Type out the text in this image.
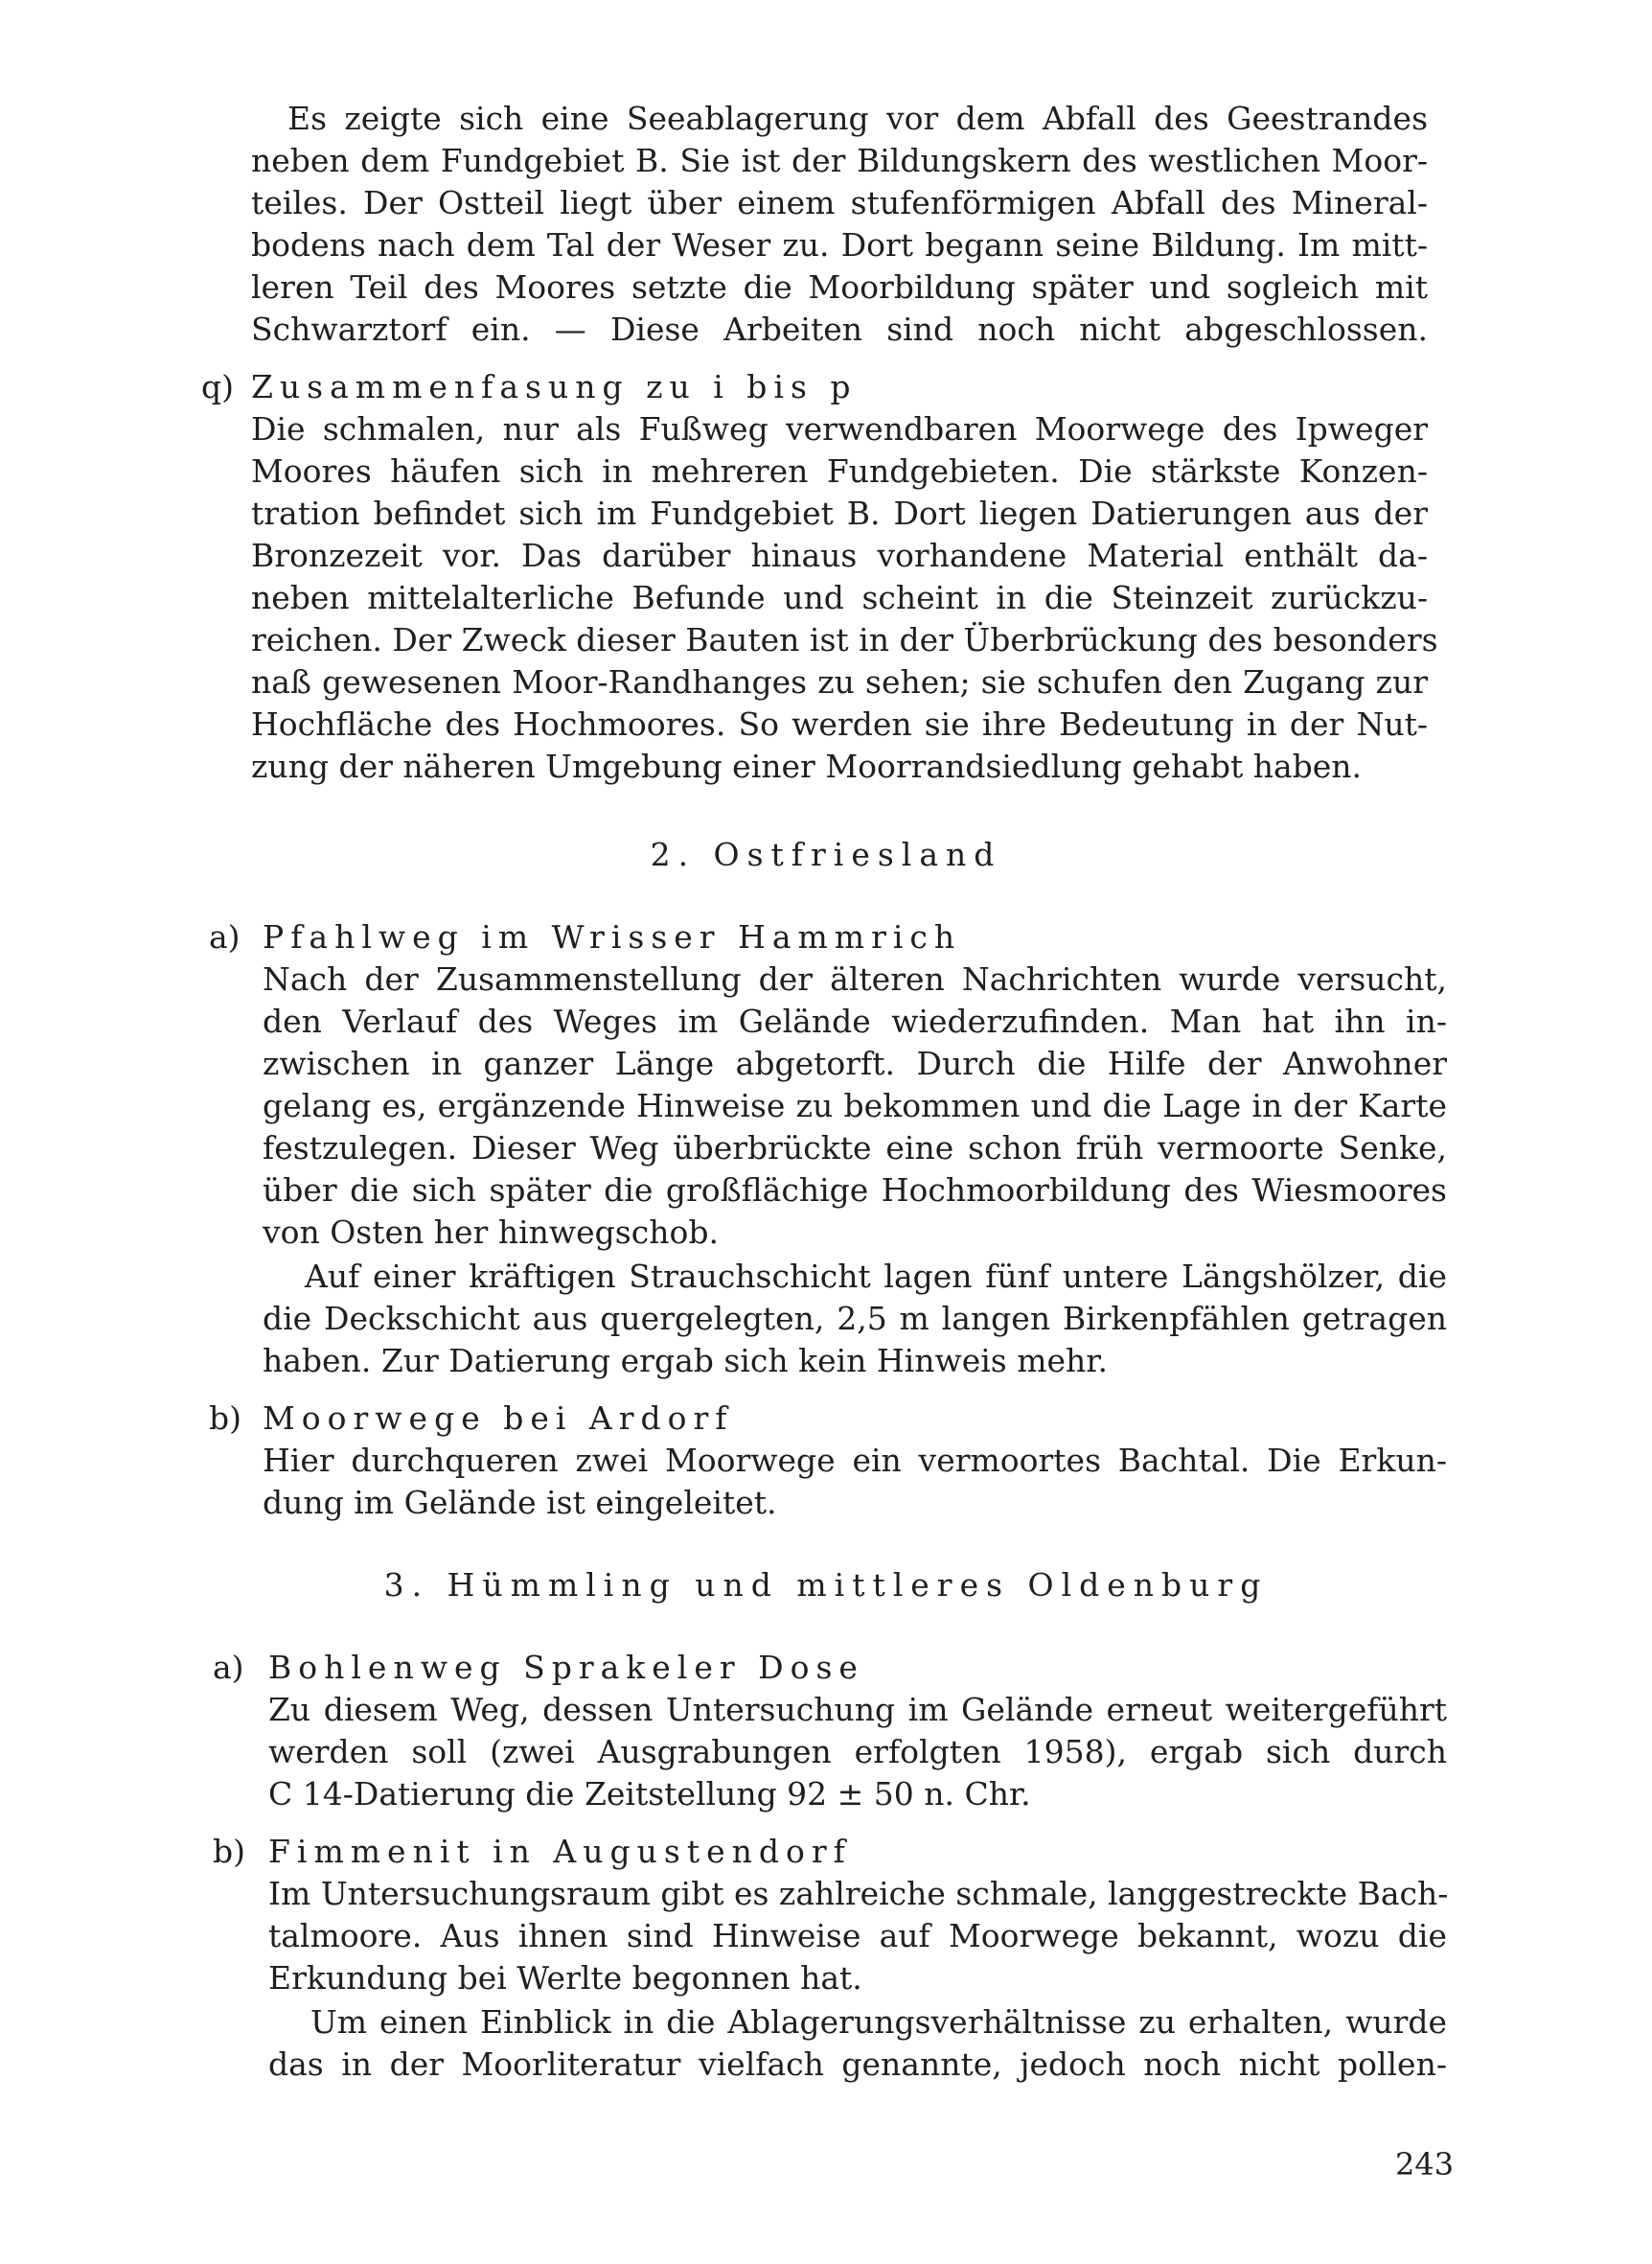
Es zeigte sich eine Seeablagerung vor dem Abfall des Geestrandes
neben dem Fundgebiet B. Sie ist der Bildungskern des westlichen Moor-
teiles. Der Ostteil liegt über einem stufenförmigen Abfall des Mineral-
bodens nach dem Tal der Weser zu. Dort begann seine Bildung. Im mitt-
leren Teil des Moores setzte die Moorbildung später und sogleich mit
Schwarztorf ein. — Diese Arbeiten sind noch nicht abgeschlossen.
q) Zusammenfasung zu i bis p
Die schmalen, nur als Fußweg verwendbaren Moorwege des Ipweger
Moores häufen sich in mehreren Fundgebieten. Die stärkste Konzen-
tration befindet sich im Fundgebiet B. Dort liegen Datierungen aus der
Bronzezeit vor. Das darüber hinaus vorhandene Material enthält da-
neben mittelalterliche Befunde und scheint in die Steinzeit zurückzu-
reichen. Der Zweck dieser Bauten ist in der Überbrückung des besonders
naß gewesenen Moor-Randhanges zu sehen; sie schufen den Zugang zur
Hochfläche des Hochmoores. So werden sie ihre Bedeutung in der Nut-
zung der näheren Umgebung einer Moorrandsiedlung gehabt haben.
2. Ostfriesland
a) Pfahlweg im Wrisser Hammrich
Nach der Zusammenstellung der älteren Nachrichten wurde versucht,
den Verlauf des Weges im Gelände wiederzufinden. Man hat ihn in-
zwischen in ganzer Länge abgetorft. Durch die Hilfe der Anwohner
gelang es, ergänzende Hinweise zu bekommen und die Lage in der Karte
festzulegen. Dieser Weg überbrückte eine schon früh vermoorte Senke,
über die sich später die großflächige Hochmoorbildung des Wiesmoores
von Osten her hinwegschob.
Auf einer kräftigen Strauchschicht lagen fünf untere Längshölzer, die
die Deckschicht aus quergelegten, 2,5 m langen Birkenpfählen getragen
haben. Zur Datierung ergab sich kein Hinweis mehr.
b) Moorwege bei Ardorf
Hier durchqueren zwei Moorwege ein vermoortes Bachtal. Die Erkun-
dung im Gelände ist eingeleitet.
3. Hümmling und mittleres Oldenburg
a) Bohlenweg Sprakeler Dose
Zu diesem Weg, dessen Untersuchung im Gelände erneut weitergeführt
werden soll (zwei Ausgrabungen erfolgten 1958), ergab sich durch
C 14-Datierung die Zeitstellung 92 ± 50 n. Chr.
b) Fimmenit in Augustendorf
Im Untersuchungsraum gibt es zahlreiche schmale, langgestreckte Bach-
talmoore. Aus ihnen sind Hinweise auf Moorwege bekannt, wozu die
Erkundung bei Werlte begonnen hat.
Um einen Einblick in die Ablagerungsverhältnisse zu erhalten, wurde
das in der Moorliteratur vielfach genannte, jedoch noch nicht pollen-
243
